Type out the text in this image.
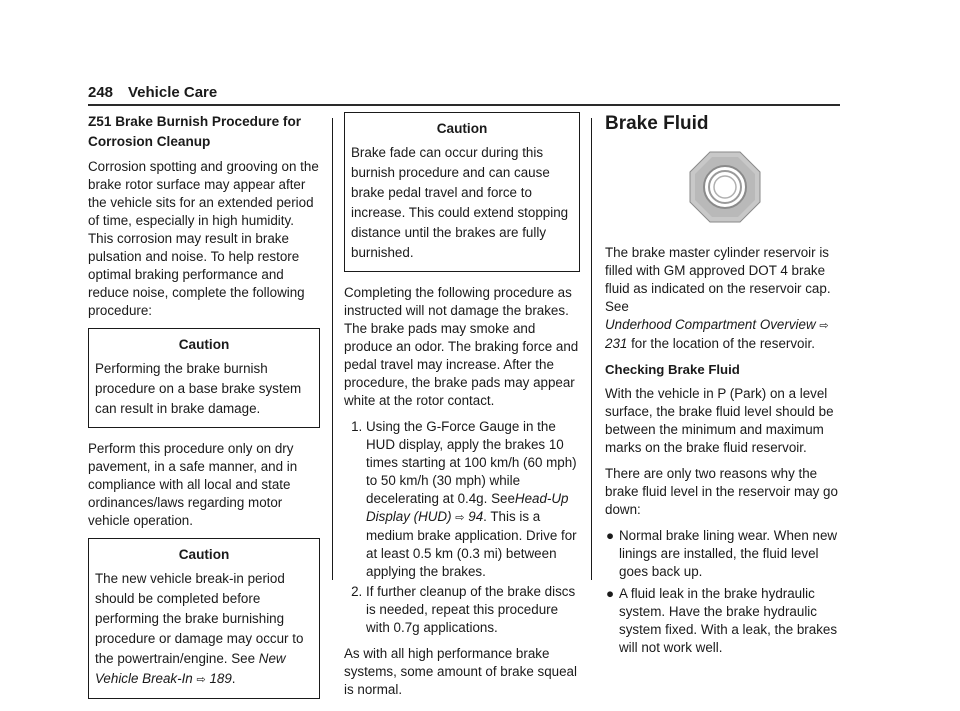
248 Vehicle Care
Z51 Brake Burnish Procedure for Corrosion Cleanup

Corrosion spotting and grooving on the brake rotor surface may appear after the vehicle sits for an extended period of time, especially in high humidity. This corrosion may result in brake pulsation and noise. To help restore optimal braking performance and reduce noise, complete the following procedure:

Caution
Performing the brake burnish procedure on a base brake system can result in brake damage.

Perform this procedure only on dry pavement, in a safe manner, and in compliance with all local and state ordinances/laws regarding motor vehicle operation.

Caution
The new vehicle break-in period should be completed before performing the brake burnishing procedure or damage may occur to the powertrain/engine. See New Vehicle Break-In ⇨ 189.
Caution
Brake fade can occur during this burnish procedure and can cause brake pedal travel and force to increase. This could extend stopping distance until the brakes are fully burnished.

Completing the following procedure as instructed will not damage the brakes. The brake pads may smoke and produce an odor. The braking force and pedal travel may increase. After the procedure, the brake pads may appear white at the rotor contact.

1. Using the G-Force Gauge in the HUD display, apply the brakes 10 times starting at 100 km/h (60 mph) to 50 km/h (30 mph) while decelerating at 0.4g. SeeHead-Up Display (HUD) ⇨ 94. This is a medium brake application. Drive for at least 0.5 km (0.3 mi) between applying the brakes.
2. If further cleanup of the brake discs is needed, repeat this procedure with 0.7g applications.

As with all high performance brake systems, some amount of brake squeal is normal.

Brake Fluid

The brake master cylinder reservoir is filled with GM approved DOT 4 brake fluid as indicated on the reservoir cap. See
Underhood Compartment Overview ⇨ 231 for the location of the reservoir.

Checking Brake Fluid

With the vehicle in P (Park) on a level surface, the brake fluid level should be between the minimum and maximum marks on the brake fluid reservoir.

There are only two reasons why the brake fluid level in the reservoir may go down:

● Normal brake lining wear. When new linings are installed, the fluid level goes back up.
● A fluid leak in the brake hydraulic system. Have the brake hydraulic system fixed. With a leak, the brakes will not work well.
